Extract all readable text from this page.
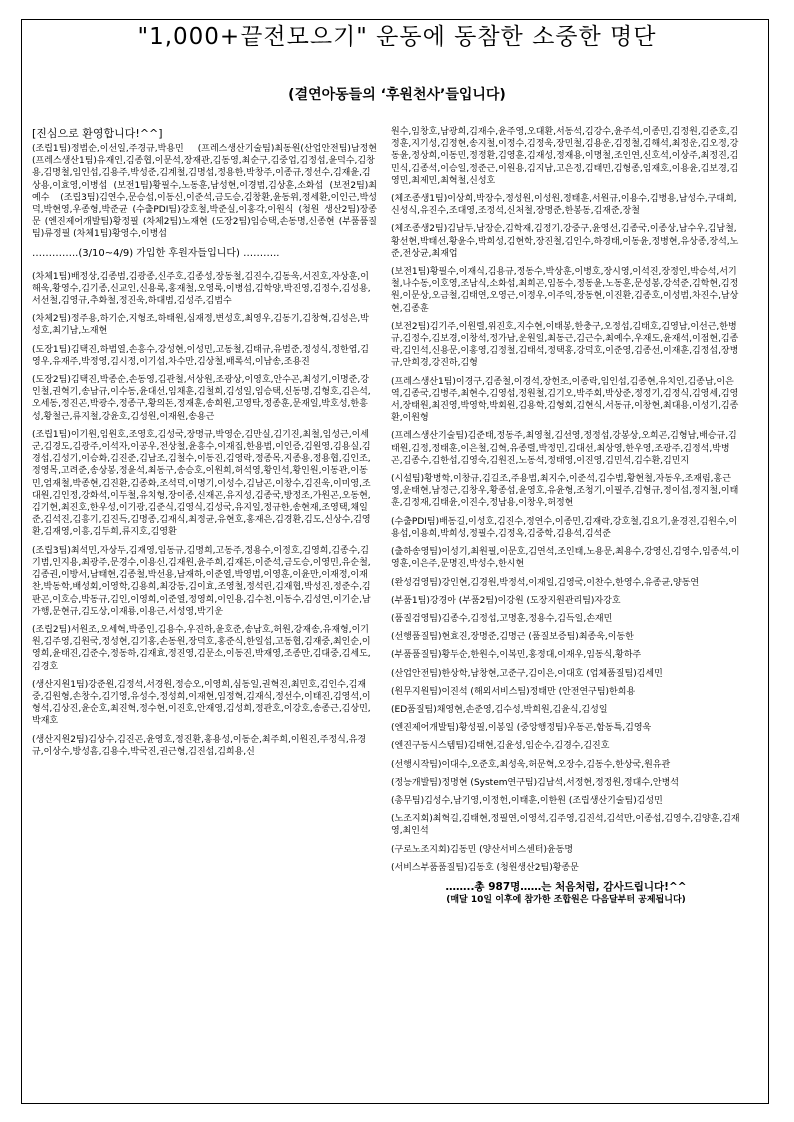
"1,000+끝전모으기" 운동에 동참한 소중한 명단
(결연아동들의 ‘후원천사’들입니다)
[진심으로 환영합니다!^^]

(조립1팀)정범순,이선일,주경규,박용민 (프레스생산기술팀)최동원(산업안전팀)남정현 (프레스생산1팀)유재인,김종협,이문석,장재관,김동영,최순구,김중업,김정섭,윤덕수,김창용,김명철,임인섭,김용주,박성준,김계철,김명섭,정용한,박창주,이종규,정선수,김재윤,김상용,이효영,이병섭 (보전1팀)황필수,노동훈,남성현,이경범,김상훈,소화섭 (보전2팀)최예수 (조립3팀)김연수,문승섭,이동신,이준석,금도승,김창환,윤동위,정세환,이인근,박성덕,박현영,우종형,박준균 (수출PDI팀)강호철,박준실,이홍각,이원식 (청원 생산2팀)장종문 (엔진제어개발팀)황정필 (차체2팀)노재현 (도장2팀)임승택,손동명,신종현 (부품품질팀)류정필 (차체1팀)황영수,이병섭

…………..(3/10~4/9) 가입한 후원자들입니다) ………..

(차체1팀)배정상,김종범,김광종,신주호,김종성,장동철,김진수,김동욱,서진호,자상훈,이해욱,황영수,김기종,신교인,신용록,홍재철,오영록,이병섭,김학양,박진영,김정수,김성용,서선철,김영규,추화철,정진욱,하대범,김성주,김범수

(차체2팀)정주용,하기순,지형조,하태원,심재정,변성호,최영우,김동기,김창혁,김성은,박성호,최기남,노재현

(도장1팀)김택진,하범열,손흥수,강성현,이성민,고동철,김태규,유범준,정성식,정한엽,김영우,유재주,박정영,김시정,이기섭,차수만,김상철,배록석,이남송,조용진

(도장2팀)김택진,박종순,손동영,김관철,서상원,조광상,이영호,안수곤,최성기,이명준,강인철,권혁기,송남규,이수동,윤대선,임채훈,김철희,김성일,임승택,신동명,김형호,김은석,오세동,정진곤,박광수,정종구,황의돈,정재훈,송희원,고영탁,정종훈,문재일,박호성,한흥성,황철근,류지철,강윤호,김성원,이재원,송용근

(조립1팀)이기원,임원호,조영호,김성국,장명규,박영순,김만실,김기진,최철,임성근,이세군,김경도,김광주,이석자,이공우,전상철,윤흥수,이재집,한용범,이인증,김원영,김용실,김경섭,김성기,이승화,김진준,김남조,김철수,이동진,김영락,정종목,지종용,정용협,김인조,정영목,고려준,송상봉,정윤석,최동구,송승호,이원희,허석영,황인석,황인원,이동관,이동민,엄재철,박종현,김진환,김종화,조석덕,이명기,이성수,김남곤,이창수,김진욱,이미영,조대원,김인정,강화석,이두철,유치형,장이종,신재곤,유지성,김종국,방정조,가원곤,오동현,김기현,최진호,한우성,이기광,김준식,김영식,김성국,유지일,정규한,송현재,조영택,채일준,김석진,김흥기,김진득,김명종,김재식,최정균,유현호,홍재은,김경환,김도,신상수,김영환,김재영,이흥,김두희,류지호,김영환

(조립3팀)최석민,자상두,김재영,임동규,김명희,고동주,정용수,이정호,김영희,김종수,김기범,인지용,최광주,문경수,이용신,김재원,윤주희,김재돈,이준석,금도승,이영민,유순철,김종권,이방서,남태현,김종철,박선용,남재하,이준열,박영범,이영훈,이윤만,이재정,이재찬,박동학,배성회,이영학,김용희,최강동,김이효,조영철,정석린,김재협,박성진,정준수,김판곤,이호승,박동규,김인,이영희,이준열,정영희,이인용,김수천,이동수,김성연,이기순,남가행,문현규,김도상,이재룡,이용근,서성영,박기운

(조립2팀)서원조,오세혁,박종인,김용수,우진하,윤호준,송남호,허원,강재송,유재형,이기원,김주영,김원국,정성현,김기홍,손동원,장덕호,홍준식,한일섭,고동협,김재중,최인순,이영희,윤태진,김준수,정동하,김재효,정진영,김문소,이동진,박재영,조종만,김대중,김세도,김경호

(생산지원1팀)강준원,김정석,서경원,정승오,이영희,심동일,권혁진,최민호,김인수,김재중,김원형,손창수,김기영,유성수,정성희,이재현,임정혁,김재식,정선수,이태진,김영석,이형석,김상진,윤순호,최진혁,정수현,이진호,안재영,김성희,정관호,이강호,송종근,김상민,박재호

(생산지원2팀)김상수,김진곤,윤영호,정진환,홍용성,이동순,최주희,이원진,주정식,유경규,이상수,방성흠,김용수,박국진,권근형,김진섭,김희용,신

원수,임창호,남광희,김재수,윤주영,오대환,서동석,김강수,윤주석,이종민,김정원,김준호,김정훈,지기성,김정현,송지철,이정수,김정욱,장민철,김용운,김정철,김해석,최정운,김오정,강동윤,정상희,이동민,정정환,김영훈,김재성,정재용,이명철,조인연,신호석,이상주,최정진,김민식,김종석,이승일,정준근,이원용,김지남,고은정,김태민,김형종,임재호,이용윤,김보경,김영민,최제민,최혁철,신성호

(체조종생1팀)이상희,박장수,정성원,이성원,정태훈,서원규,이용수,김병용,남성수,구대희,신성식,유진수,조대영,조정석,신처철,장명준,한봉동,김재준,장철

(체조종생2팀)김남두,남장순,김학재,김정기,강중구,윤영선,김종국,이종상,남수우,김남철,황선현,박태선,황윤수,박희성,김현학,장진철,김인수,하경태,이동윤,정병현,유상종,장석,노준,전상균,최재업

(보전1팀)황필수,이재식,김용규,정동수,박상훈,이병호,장시영,이석진,장정인,박승석,서기철,나수동,이호영,조남식,소화섭,최희곤,임동수,정동윤,노동훈,문성봉,강석준,김학현,김정원,이문상,오금철,김태연,오영근,이정우,이주익,장동현,이진환,김종호,이성범,차진수,남상현,김종훈

(보전2팀)김기주,이원렬,위진호,지수현,이태봉,한충구,오정섭,김태호,김영남,이선근,한병규,김정수,김보경,이창석,정가남,운원일,최동근,김근수,최예수,우재도,윤재석,이점현,김종락,김인석,신용문,이홍영,김정철,김태석,정택홍,강덕호,이준영,김종선,이재훈,김정섭,장병규,안희경,강진하,김형

(프레스생산1팀)이경구,김종철,이경석,장헌조,이종락,임인섭,김종현,유치인,김종남,이은역,김종국,김병주,최현수,김영섭,정원철,김기오,박주회,박상준,정정기,김정식,김영세,김영서,장태원,최진영,박영학,박회원,김용학,김형회,김현식,서동규,이창현,최대용,이성기,김종환,이원형

(프레스생산기술팀)김준태,정동주,최영철,김선영,정정섭,강봉상,오희곤,김형남,배승규,김태원,김정,정태훈,이은철,김혁,유종렬,박정민,김대선,최상영,한우영,조광주,김정석,박병곤,김종수,김한섭,김영숙,김원진,노동석,정태영,이진영,김민석,김수환,김민지

(시설팀)황병학,이창규,김길조,주용범,최지수,이준석,김수범,황현철,자동우,조재림,홍근영,운태현,남정근,김창우,황종섭,윤영호,유윤형,조청기,이필주,김형규,정이섭,정지철,이태훈,김정재,김태윤,이진수,정남용,이창우,허정현

(수출PDI팀)배동길,이성호,김진수,정연수,이종민,김재락,강호철,김요기,윤경진,김원수,이용섭,이용희,박희성,정필수,김정옥,김중학,김용석,김석준

(출하송영팀)이성기,최원필,이문호,김연석,조인태,노용문,최용수,강영신,김영수,임종석,이영훈,이은주,문명진,박성수,한시현

(완성검영팀)강인현,김경원,박정석,이재일,김영국,이찬수,한영수,유종균,양동연

(부품1팀)강경아 (부품2팀)이강원 (도장지원관리팀)자강호

(품질검영팀)김종수,김정섭,고명훈,정용수,김득일,손재민

(선행품질팀)현효진,장명준,김명근 (품질보증팀)최종욱,이동한

(부품품질팀)황두순,한원수,이복민,홍정대,이재우,임동식,황하주

(산업안전팀)한상학,남창현,고준구,김이은,이대호 (업체품질팀)김세민

(원무지원팀)이진석 (해외서비스팀)정태만 (안전연구팀)한희용

(ED품질팀)채영현,손준영,김수성,박희원,김윤식,김성일

(엔진제어개발팀)황성필,이봉일 (중앙행정팀)우동곤,함동특,김영욱

(엔진구동시스템팀)김태현,김윤성,임순수,김경수,김진호

(선행시작팀)이대수,오준호,최성욱,허문혁,오장수,김동수,한상국,원유관

(정능개발팀)정명현 (System연구팀)김남석,서정현,정정원,정대수,안병석

(총무팀)김성수,남기영,이정헌,이태훈,이한원 (조립생산기술팀)김성민

(노조지회)최혁길,김태현,정필연,이영석,김주영,김진석,김석만,이종섭,김영수,김양훈,김재영,최인석

(구로노조지회)김동민 (양산서비스센터)윤동명

(서비스부품품질팀)김동호 (청원생산2팀)황종문

……..총 987명……는 처음처럼, 감사드립니다!^^
(매달 10일 이후에 참가한 조합원은 다음달부터 공제됩니다)
